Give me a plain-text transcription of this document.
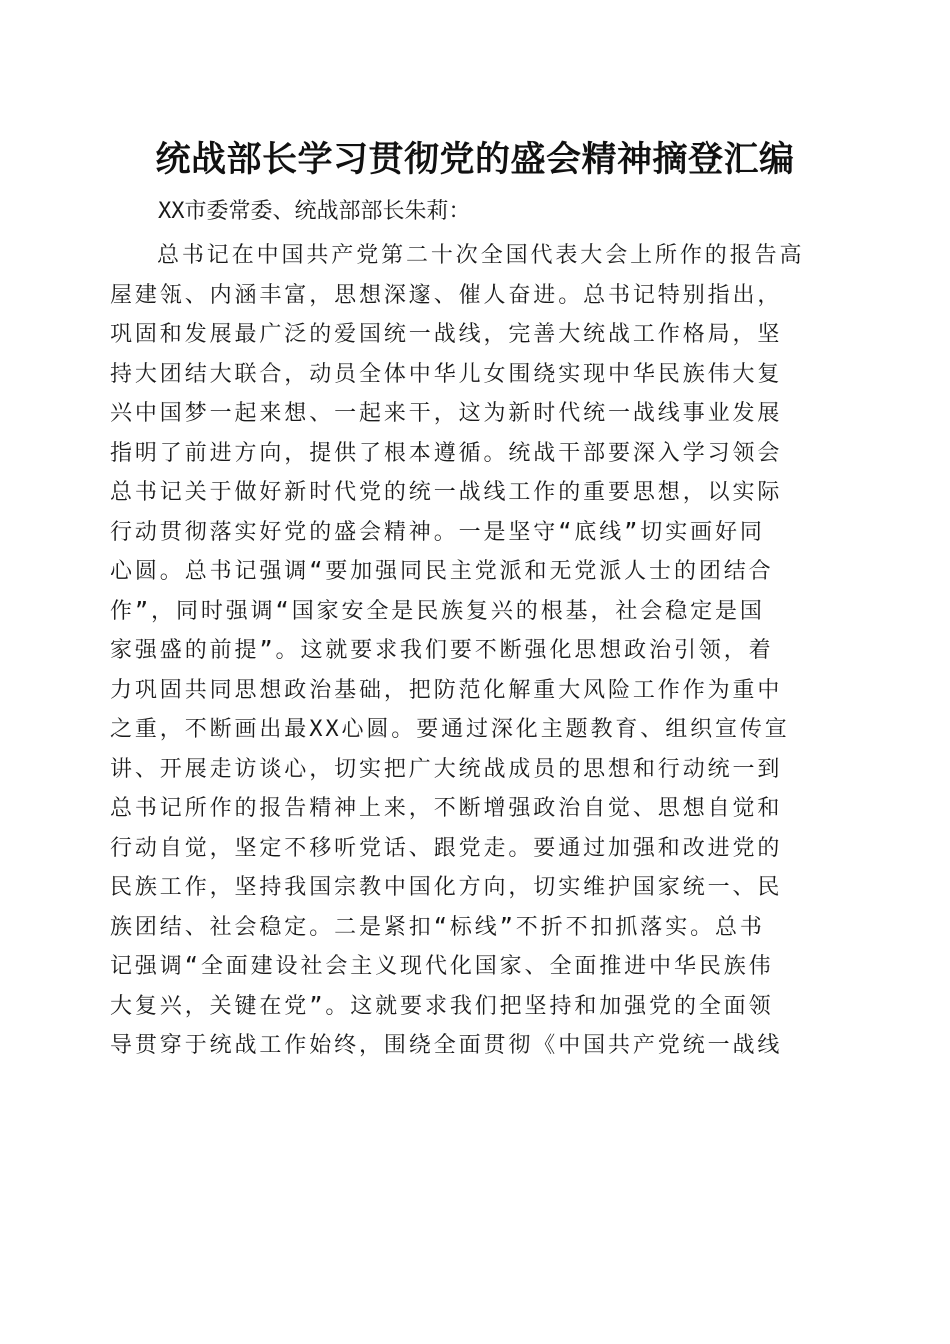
统战部长学习贯彻党的盛会精神摘登汇编
XX市委常委、统战部部长朱莉：
总书记在中国共产党第二十次全国代表大会上所作的报告高
屋建瓴、内涵丰富，思想深邃、催人奋进。总书记特别指出，
巩固和发展最广泛的爱国统一战线，完善大统战工作格局，坚
持大团结大联合，动员全体中华儿女围绕实现中华民族伟大复
兴中国梦一起来想、一起来干，这为新时代统一战线事业发展
指明了前进方向，提供了根本遵循。统战干部要深入学习领会
总书记关于做好新时代党的统一战线工作的重要思想，以实际
行动贯彻落实好党的盛会精神。一是坚守“底线”切实画好同
心圆。总书记强调“要加强同民主党派和无党派人士的团结合
作”，同时强调“国家安全是民族复兴的根基，社会稳定是国
家强盛的前提”。这就要求我们要不断强化思想政治引领，着
力巩固共同思想政治基础，把防范化解重大风险工作作为重中
之重，不断画出最XX心圆。要通过深化主题教育、组织宣传宣
讲、开展走访谈心，切实把广大统战成员的思想和行动统一到
总书记所作的报告精神上来，不断增强政治自觉、思想自觉和
行动自觉，坚定不移听党话、跟党走。要通过加强和改进党的
民族工作，坚持我国宗教中国化方向，切实维护国家统一、民
族团结、社会稳定。二是紧扣“标线”不折不扣抓落实。总书
记强调“全面建设社会主义现代化国家、全面推进中华民族伟
大复兴，关键在党”。这就要求我们把坚持和加强党的全面领
导贯穿于统战工作始终，围绕全面贯彻《中国共产党统一战线
